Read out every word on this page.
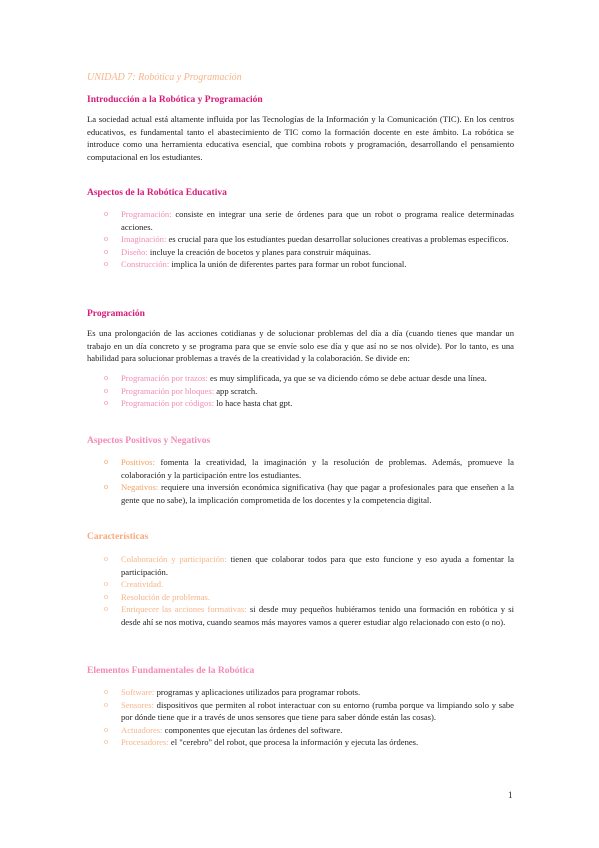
UNIDAD 7: Robótica y Programación
Introducción a la Robótica y Programación
La sociedad actual está altamente influida por las Tecnologías de la Información y la Comunicación (TIC). En los centros educativos, es fundamental tanto el abastecimiento de TIC como la formación docente en este ámbito. La robótica se introduce como una herramienta educativa esencial, que combina robots y programación, desarrollando el pensamiento computacional en los estudiantes.
Aspectos de la Robótica Educativa
o Programación: consiste en integrar una serie de órdenes para que un robot o programa realice determinadas acciones.
o Imaginación: es crucial para que los estudiantes puedan desarrollar soluciones creativas a problemas específicos.
o Diseño: incluye la creación de bocetos y planes para construir máquinas.
o Construcción: implica la unión de diferentes partes para formar un robot funcional.
Programación
Es una prolongación de las acciones cotidianas y de solucionar problemas del día a día (cuando tienes que mandar un trabajo en un día concreto y se programa para que se envíe solo ese día y que así no se nos olvide). Por lo tanto, es una habilidad para solucionar problemas a través de la creatividad y la colaboración. Se divide en:
o Programación por trazos: es muy simplificada, ya que se va diciendo cómo se debe actuar desde una línea.
o Programación por bloques: app scratch.
o Programación por códigos: lo hace hasta chat gpt.
Aspectos Positivos y Negativos
o Positivos: fomenta la creatividad, la imaginación y la resolución de problemas. Además, promueve la colaboración y la participación entre los estudiantes.
o Negativos: requiere una inversión económica significativa (hay que pagar a profesionales para que enseñen a la gente que no sabe), la implicación comprometida de los docentes y la competencia digital.
Características
o Colaboración y participación: tienen que colaborar todos para que esto funcione y eso ayuda a fomentar la participación.
o Creatividad.
o Resolución de problemas.
o Enriquecer las acciones formativas: si desde muy pequeños hubiéramos tenido una formación en robótica y si desde ahí se nos motiva, cuando seamos más mayores vamos a querer estudiar algo relacionado con esto (o no).
Elementos Fundamentales de la Robótica
o Software: programas y aplicaciones utilizados para programar robots.
o Sensores: dispositivos que permiten al robot interactuar con su entorno (rumba porque va limpiando solo y sabe por dónde tiene que ir a través de unos sensores que tiene para saber dónde están las cosas).
o Actuadores: componentes que ejecutan las órdenes del software.
o Procesadores: el "cerebro" del robot, que procesa la información y ejecuta las órdenes.
1
